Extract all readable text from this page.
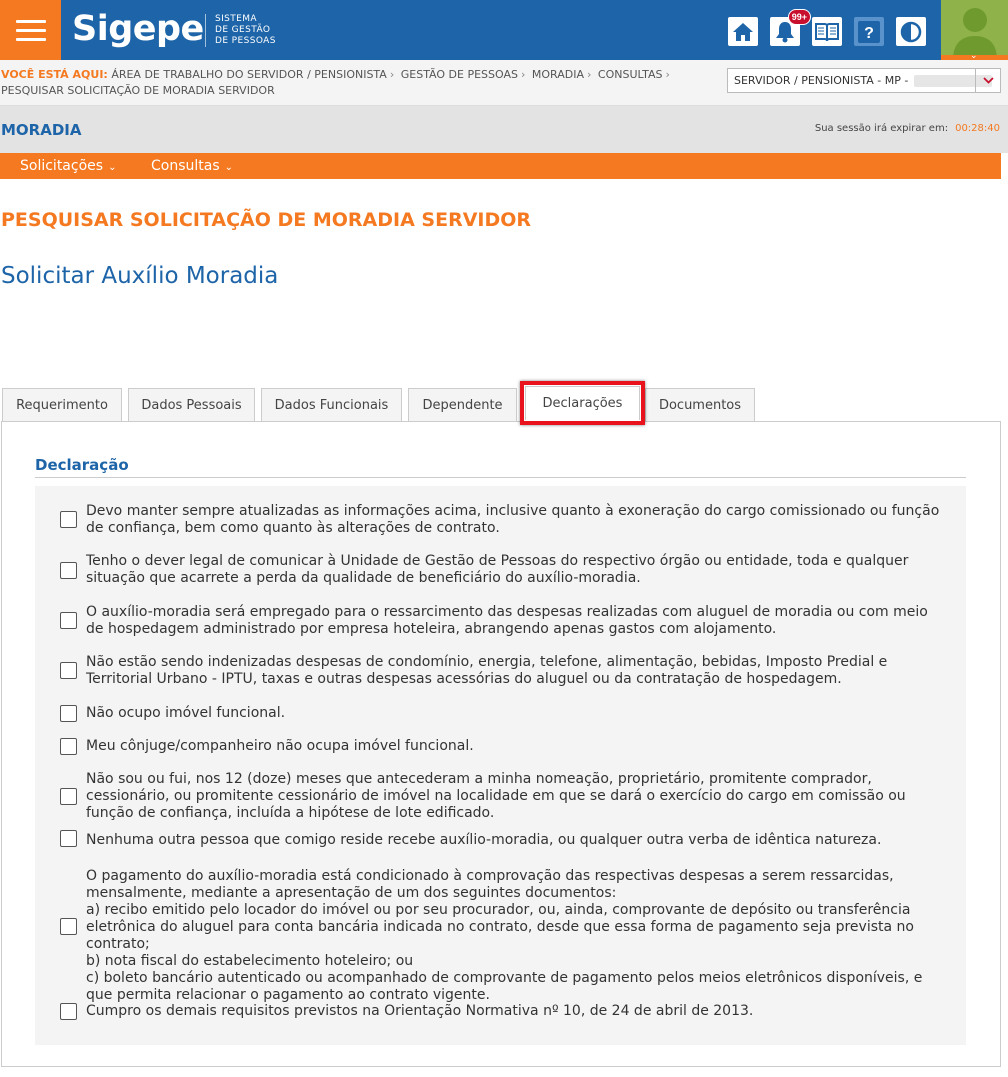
Sigepe SISTEMA
DE GESTÃO
DE PESSOAS
99+
?
⌄
VOCÊ ESTÁ AQUI: ÁREA DE TRABALHO DO SERVIDOR / PENSIONISTA › GESTÃO DE PESSOAS › MORADIA › CONSULTAS ›
PESQUISAR SOLICITAÇÃO DE MORADIA SERVIDOR
SERVIDOR / PENSIONISTA - MP -
MORADIA	Sua sessão irá expirar em: 00:28:40
Solicitações ⌄ Consultas ⌄
PESQUISAR SOLICITAÇÃO DE MORADIA SERVIDOR
Solicitar Auxílio Moradia
Requerimento	Dados Pessoais	Dados Funcionais	Dependente	Declarações	Documentos
Declaração
Devo manter sempre atualizadas as informações acima, inclusive quanto à exoneração do cargo comissionado ou função de confiança, bem como quanto às alterações de contrato.
Tenho o dever legal de comunicar à Unidade de Gestão de Pessoas do respectivo órgão ou entidade, toda e qualquer situação que acarrete a perda da qualidade de beneficiário do auxílio-moradia.
O auxílio-moradia será empregado para o ressarcimento das despesas realizadas com aluguel de moradia ou com meio de hospedagem administrado por empresa hoteleira, abrangendo apenas gastos com alojamento.
Não estão sendo indenizadas despesas de condomínio, energia, telefone, alimentação, bebidas, Imposto Predial e Territorial Urbano - IPTU, taxas e outras despesas acessórias do aluguel ou da contratação de hospedagem.
Não ocupo imóvel funcional.
Meu cônjuge/companheiro não ocupa imóvel funcional.
Não sou ou fui, nos 12 (doze) meses que antecederam a minha nomeação, proprietário, promitente comprador, cessionário, ou promitente cessionário de imóvel na localidade em que se dará o exercício do cargo em comissão ou função de confiança, incluída a hipótese de lote edificado.
Nenhuma outra pessoa que comigo reside recebe auxílio-moradia, ou qualquer outra verba de idêntica natureza.
O pagamento do auxílio-moradia está condicionado à comprovação das respectivas despesas a serem ressarcidas, mensalmente, mediante a apresentação de um dos seguintes documentos:
a) recibo emitido pelo locador do imóvel ou por seu procurador, ou, ainda, comprovante de depósito ou transferência eletrônica do aluguel para conta bancária indicada no contrato, desde que essa forma de pagamento seja prevista no contrato;
b) nota fiscal do estabelecimento hoteleiro; ou
c) boleto bancário autenticado ou acompanhado de comprovante de pagamento pelos meios eletrônicos disponíveis, e que permita relacionar o pagamento ao contrato vigente.
Cumpro os demais requisitos previstos na Orientação Normativa nº 10, de 24 de abril de 2013.
